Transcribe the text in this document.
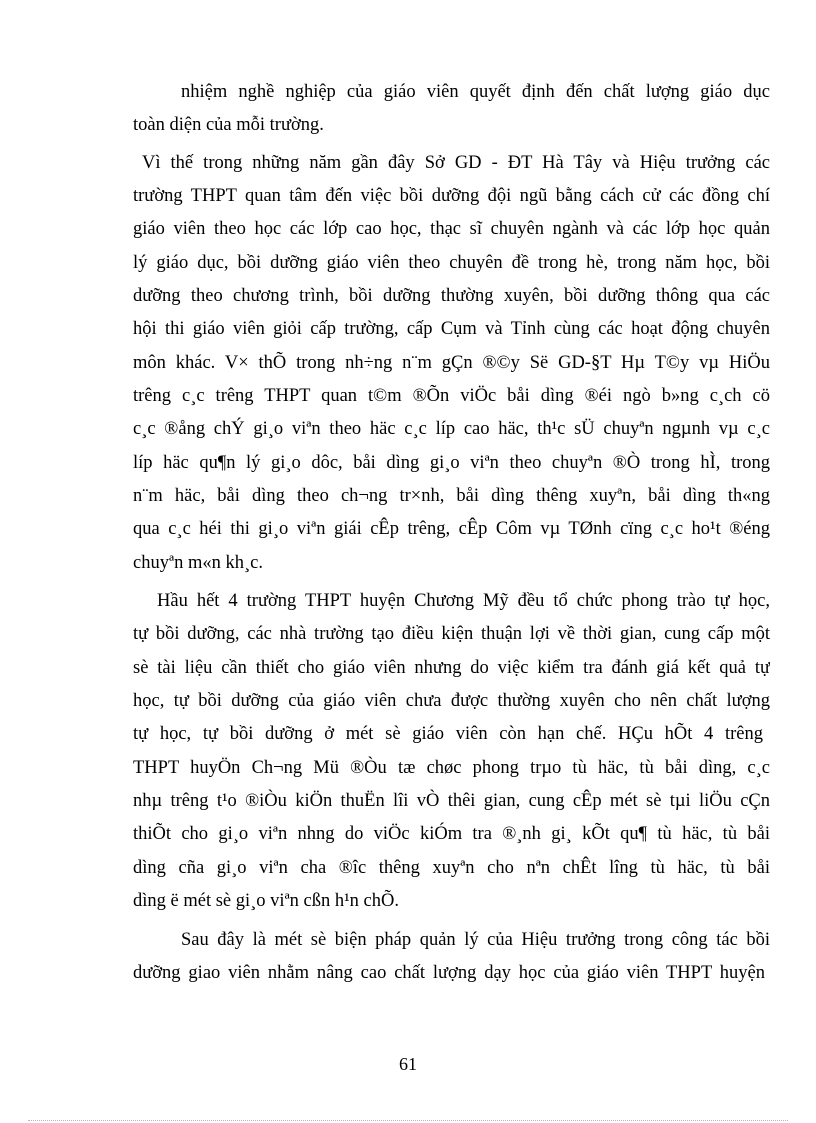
nhiệm nghề nghiệp của giáo viên quyết định đến chất lượng giáo dục
toàn diện của mỗi trường.
Vì thế trong những năm gần đây Sở GD - ĐT Hà Tây và Hiệu trưởng các
trường THPT quan tâm đến việc bồi dưỡng đội ngũ bằng cách cử các đồng chí
giáo viên theo học các lớp cao học, thạc sĩ chuyên ngành và các lớp học quản
lý giáo dục, bồi dưỡng giáo viên theo chuyên đề trong hè, trong năm học, bồi
dưỡng theo chương trình, bồi dưỡng thường xuyên, bồi dưỡng thông qua các
hội thi giáo viên giỏi cấp trường, cấp Cụm và Tỉnh cùng các hoạt động chuyên
môn khác. V× thÕ trong nh÷ng n¨m gÇn ®©y Së GD-§T Hµ T©y vµ HiÖu
trêng c¸c trêng THPT quan t©m ®Õn viÖc båi dìng ®éi ngò b»ng c¸ch cö
c¸c ®ång chÝ gi¸o viªn theo häc c¸c líp cao häc, th¹c sÜ chuyªn ngµnh vµ c¸c
líp häc qu¶n lý gi¸o dôc, båi dìng gi¸o viªn theo chuyªn ®Ò trong hÌ, trong
n¨m häc, båi dìng theo ch¬ng tr×nh, båi dìng thêng xuyªn, båi dìng th«ng
qua c¸c héi thi gi¸o viªn giái cÊp trêng, cÊp Côm vµ TØnh cïng c¸c ho¹t ®éng
chuyªn m«n kh¸c.
Hầu hết 4 trường THPT huyện Chương Mỹ đều tổ chức phong trào tự học,
tự bồi dưỡng, các nhà trường tạo điều kiện thuận lợi về thời gian, cung cấp một
sè tài liệu cần thiết cho giáo viên nhưng do việc kiểm tra đánh giá kết quả tự
học, tự bồi dưỡng của giáo viên chưa được thường xuyên cho nên chất lượng
tự học, tự bồi dưỡng ở mét sè giáo viên còn hạn chế. HÇu hÕt 4 trêng
THPT huyÖn Ch¬ng Mü ®Òu tæ chøc phong trµo tù häc, tù båi dìng, c¸c
nhµ trêng t¹o ®iÒu kiÖn thuËn lîi vÒ thêi gian, cung cÊp mét sè tµi liÖu cÇn
thiÕt cho gi¸o viªn nhng do viÖc kiÓm tra ®¸nh gi¸ kÕt qu¶ tù häc, tù båi
dìng cña gi¸o viªn cha ®îc thêng xuyªn cho nªn chÊt lîng tù häc, tù båi
dìng ë mét sè gi¸o viªn cßn h¹n chÕ.
Sau đây là mét sè biện pháp quản lý của Hiệu trưởng trong công tác bồi
dưỡng giao viên nhằm nâng cao chất lượng dạy học của giáo viên THPT huyện
61
